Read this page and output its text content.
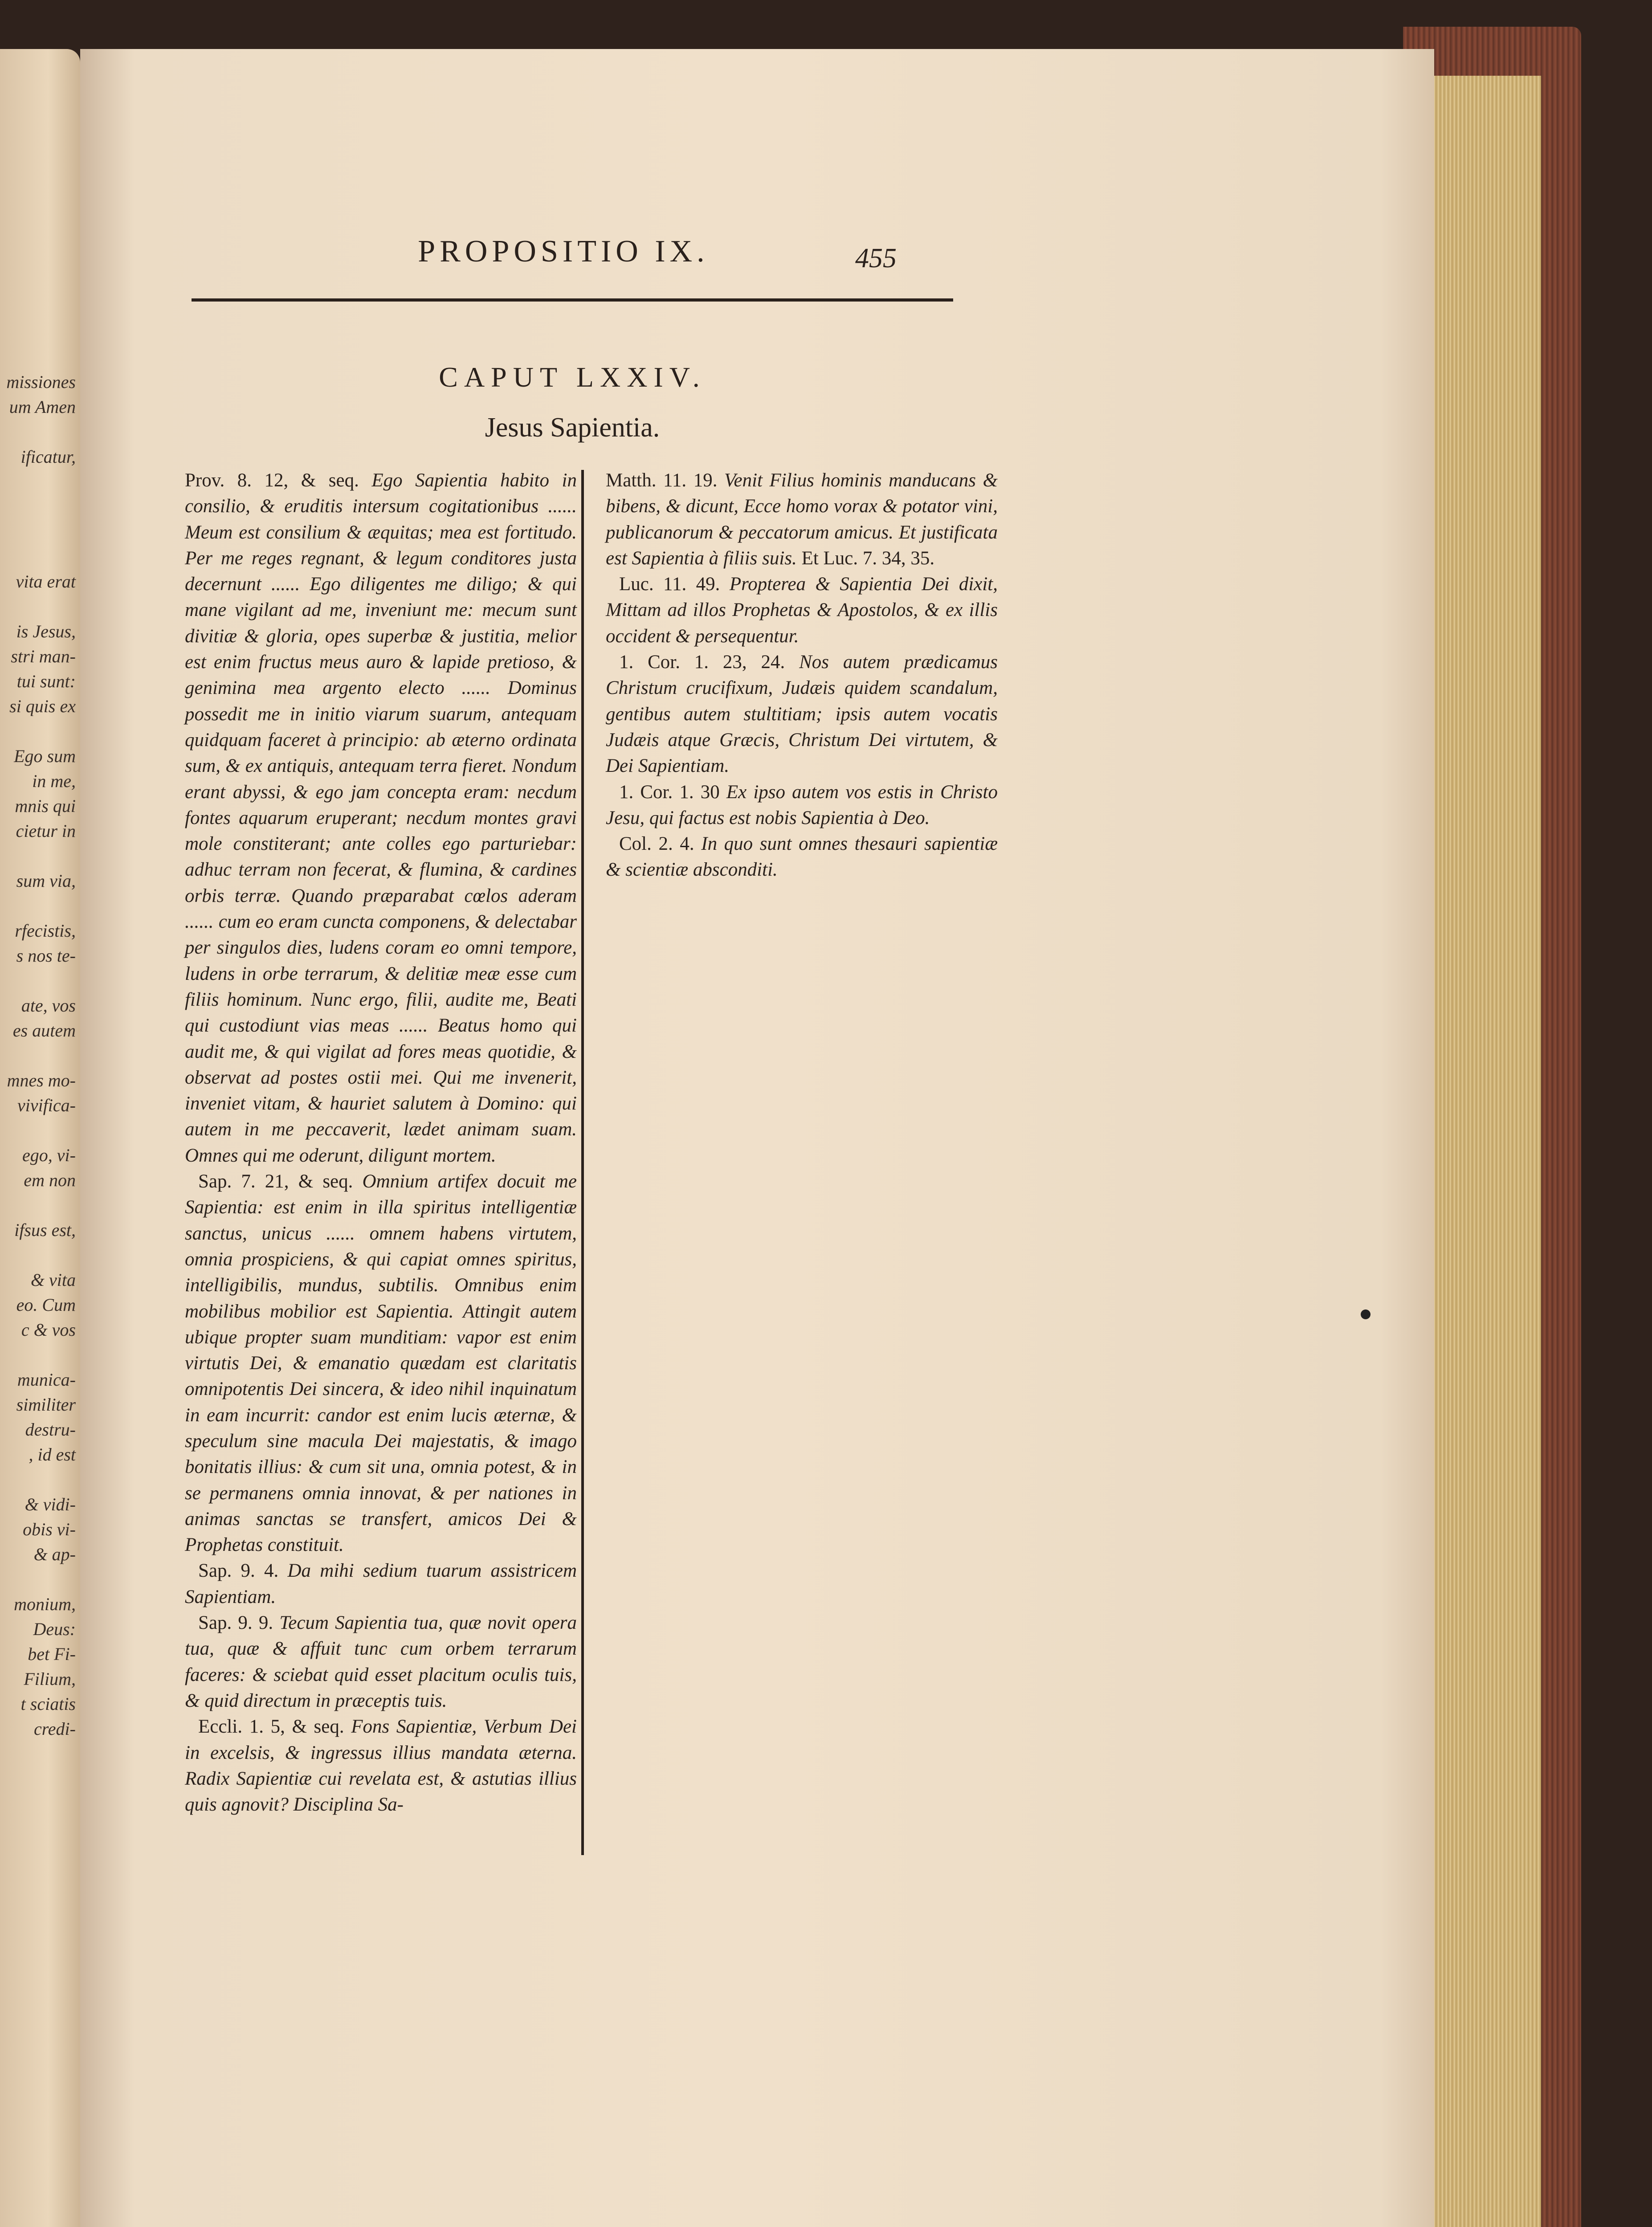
missiones
um Amen

ificatur,

vita erat

is Jesus,
stri man-
tui sunt:
si quis ex

Ego sum
in me,
mnis qui
cietur in

sum via,

rfecistis,
s nos te-

ate, vos
es autem

mnes mo-
vivifica-

ego, vi-
em non

ifsus est,

& vita
eo. Cum
c & vos

munica-
similiter
destru-
, id est

& vidi-
obis vi-
& ap-

monium,
Deus:
bet Fi-
Filium,
t sciatis
credi-
PROPOSITIO IX.	455
CAPUT LXXIV.
Jesus Sapientia.

Prov. 8. 12, & seq. Ego Sapientia habito in consilio, & eruditis intersum cogitationibus ...... Meum est consilium & æquitas; mea est fortitudo. Per me reges regnant, & legum conditores justa decernunt ...... Ego diligentes me diligo; & qui mane vigilant ad me, inveniunt me: mecum sunt divitiæ & gloria, opes superbæ & justitia, melior est enim fructus meus auro & lapide pretioso, & genimina mea argento electo ...... Dominus possedit me in initio viarum suarum, antequam quidquam faceret à principio: ab æterno ordinata sum, & ex antiquis, antequam terra fieret. Nondum erant abyssi, & ego jam concepta eram: necdum fontes aquarum eruperant; necdum montes gravi mole constiterant; ante colles ego parturiebar: adhuc terram non fecerat, & flumina, & cardines orbis terræ. Quando præparabat cœlos aderam ...... cum eo eram cuncta componens, & delectabar per singulos dies, ludens coram eo omni tempore, ludens in orbe terrarum, & delitiæ meæ esse cum filiis hominum. Nunc ergo, filii, audite me, Beati qui custodiunt vias meas ...... Beatus homo qui audit me, & qui vigilat ad fores meas quotidie, & observat ad postes ostii mei. Qui me invenerit, inveniet vitam, & hauriet salutem à Domino: qui autem in me peccaverit, lædet animam suam. Omnes qui me oderunt, diligunt mortem.

Sap. 7. 21, & seq. Omnium artifex docuit me Sapientia: est enim in illa spiritus intelligentiæ sanctus, unicus ...... omnem habens virtutem, omnia prospiciens, & qui capiat omnes spiritus, intelligibilis, mundus, subtilis. Omnibus enim mobilibus mobilior est Sapientia. Attingit autem ubique propter suam munditiam: vapor est enim virtutis Dei, & emanatio quædam est claritatis omnipotentis Dei sincera, & ideo nihil inquinatum in eam incurrit: candor est enim lucis æternæ, & speculum sine macula Dei majestatis, & imago bonitatis illius: & cum sit una, omnia potest, & in se permanens omnia innovat, & per nationes in animas sanctas se transfert, amicos Dei & Prophetas constituit.

Sap. 9. 4. Da mihi sedium tuarum assistricem Sapientiam.

Sap. 9. 9. Tecum Sapientia tua, quæ novit opera tua, quæ & affuit tunc cum orbem terrarum faceres: & sciebat quid esset placitum oculis tuis, & quid directum in præceptis tuis.

Eccli. 1. 5, & seq. Fons Sapientiæ, Verbum Dei in excelsis, & ingressus illius mandata æterna. Radix Sapientiæ cui revelata est, & astutias illius quis agnovit? Disciplina Sa-

Matth. 11. 19. Venit Filius hominis manducans & bibens, & dicunt, Ecce homo vorax & potator vini, publicanorum & peccatorum amicus. Et justificata est Sapientia à filiis suis. Et Luc. 7. 34, 35.

Luc. 11. 49. Propterea & Sapientia Dei dixit, Mittam ad illos Prophetas & Apostolos, & ex illis occident & persequentur.

1. Cor. 1. 23, 24. Nos autem prædicamus Christum crucifixum, Judæis quidem scandalum, gentibus autem stultitiam; ipsis autem vocatis Judæis atque Græcis, Christum Dei virtutem, & Dei Sapientiam.

1. Cor. 1. 30 Ex ipso autem vos estis in Christo Jesu, qui factus est nobis Sapientia à Deo.

Col. 2. 4. In quo sunt omnes thesauri sapientiæ & scientiæ absconditi.
